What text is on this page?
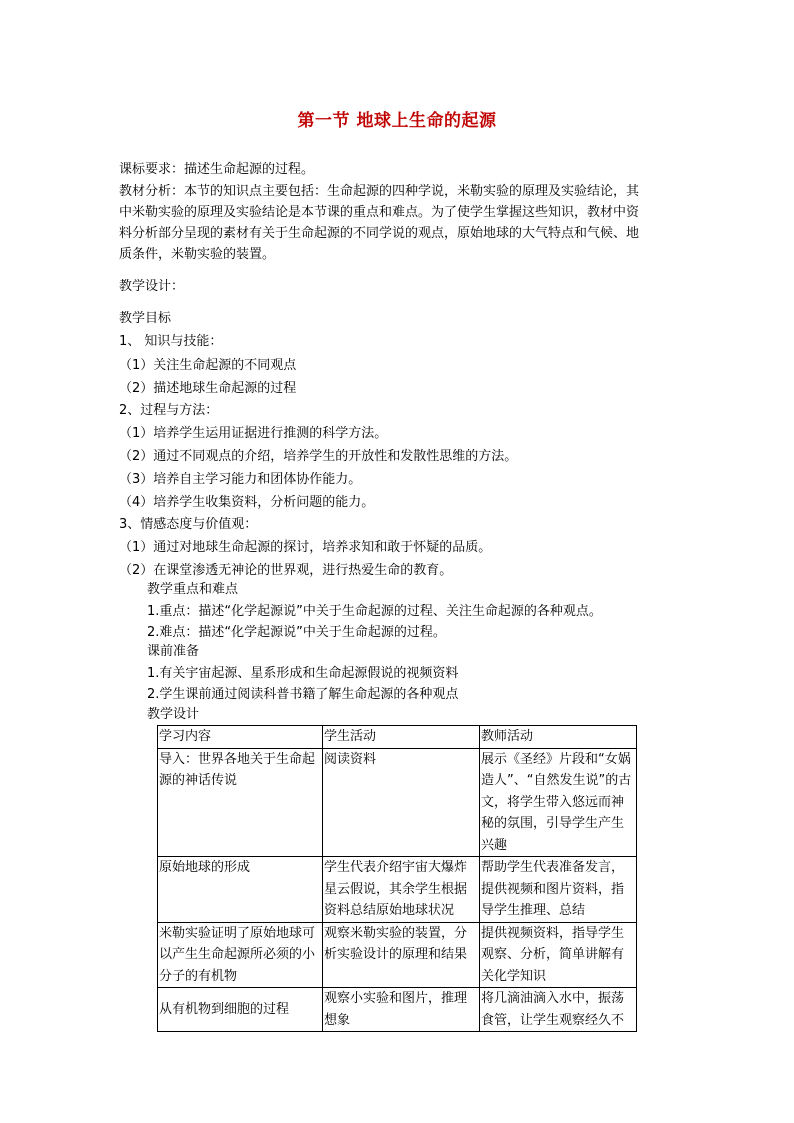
第一节 地球上生命的起源
课标要求：描述生命起源的过程。
教材分析：本节的知识点主要包括：生命起源的四种学说，米勒实验的原理及实验结论，其
中米勒实验的原理及实验结论是本节课的重点和难点。为了使学生掌握这些知识，教材中资
料分析部分呈现的素材有关于生命起源的不同学说的观点，原始地球的大气特点和气候、地
质条件，米勒实验的装置。
教学设计：
教学目标
1、 知识与技能：
（1）关注生命起源的不同观点
（2）描述地球生命起源的过程
2、过程与方法：
（1）培养学生运用证据进行推测的科学方法。
（2）通过不同观点的介绍，培养学生的开放性和发散性思维的方法。
（3）培养自主学习能力和团体协作能力。
（4）培养学生收集资料，分析问题的能力。
3、情感态度与价值观：
（1）通过对地球生命起源的探讨，培养求知和敢于怀疑的品质。
（2）在课堂渗透无神论的世界观，进行热爱生命的教育。
教学重点和难点
1.重点：描述“化学起源说”中关于生命起源的过程、关注生命起源的各种观点。
2.难点：描述“化学起源说”中关于生命起源的过程。
课前准备
1.有关宇宙起源、星系形成和生命起源假说的视频资料
2.学生课前通过阅读科普书籍了解生命起源的各种观点
教学设计
学习内容	学生活动	教师活动
导入：世界各地关于生命起源的神话传说	阅读资料	展示《圣经》片段和“女娲造人”、“自然发生说”的古文，将学生带入悠远而神秘的氛围，引导学生产生兴趣
原始地球的形成	学生代表介绍宇宙大爆炸星云假说，其余学生根据资料总结原始地球状况	帮助学生代表准备发言，提供视频和图片资料，指导学生推理、总结
米勒实验证明了原始地球可以产生生命起源所必须的小分子的有机物	观察米勒实验的装置，分析实验设计的原理和结果	提供视频资料，指导学生观察、分析，简单讲解有关化学知识
从有机物到细胞的过程	观察小实验和图片，推理想象	将几滴油滴入水中，振荡食管，让学生观察经久不
